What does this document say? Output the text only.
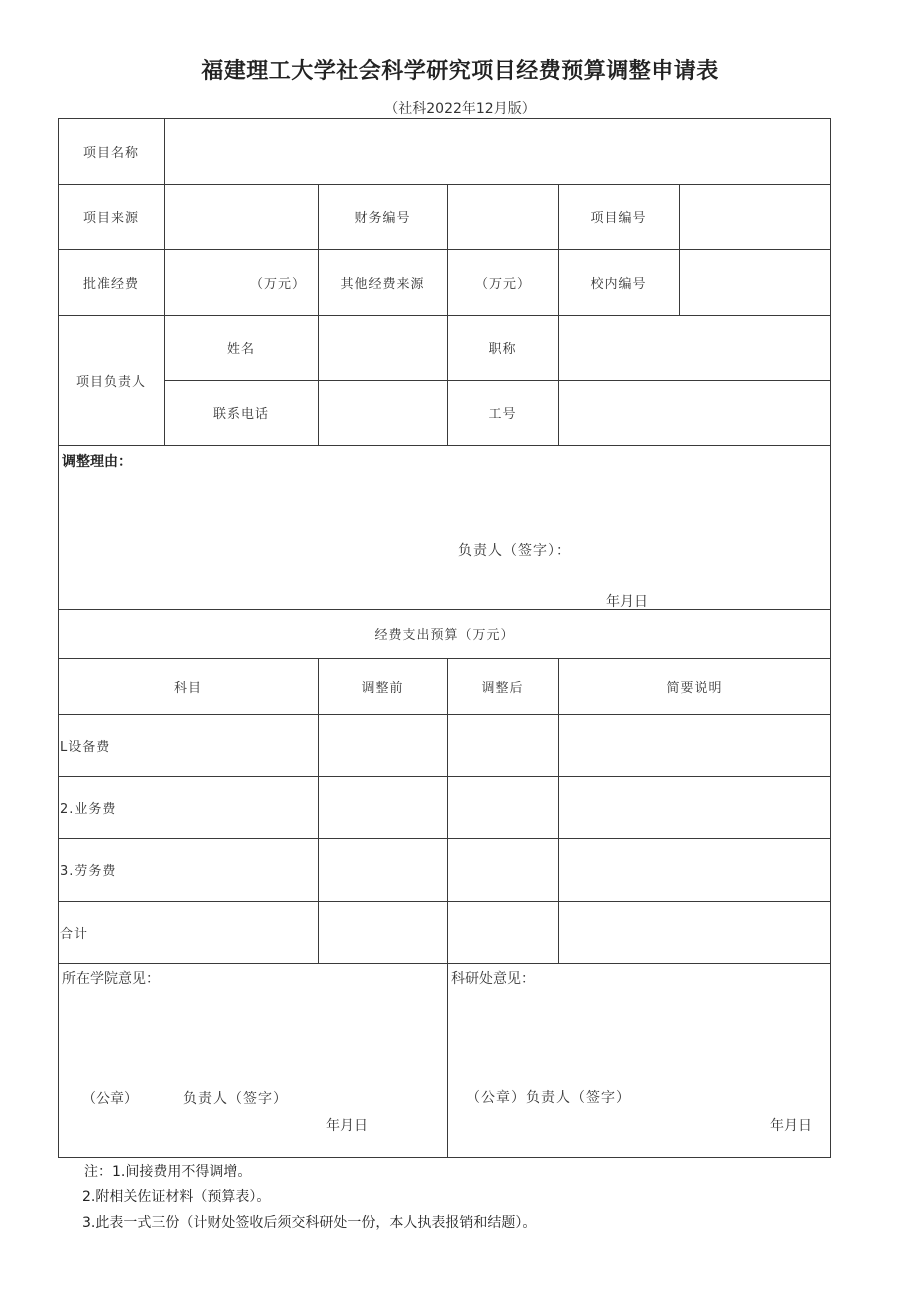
福建理工大学社会科学研究项目经费预算调整申请表
（社科2022年12月版）
项目名称
项目来源	财务编号	项目编号
批准经费	（万元）	其他经费来源	（万元）	校内编号
项目负责人
姓名	职称
联系电话	工号
调整理由：
负责人（签字）：
年月日
经费支出预算（万元）
科目	调整前	调整后	简要说明
L设备费
2.业务费
3.劳务费
合计
所在学院意见：
（公章）	负责人（签字）
年月日
科研处意见：
（公章）负责人（签字）
年月日
注：1.间接费用不得调增。
2.附相关佐证材料（预算表）。
3.此表一式三份（计财处签收后须交科研处一份，本人执表报销和结题）。
